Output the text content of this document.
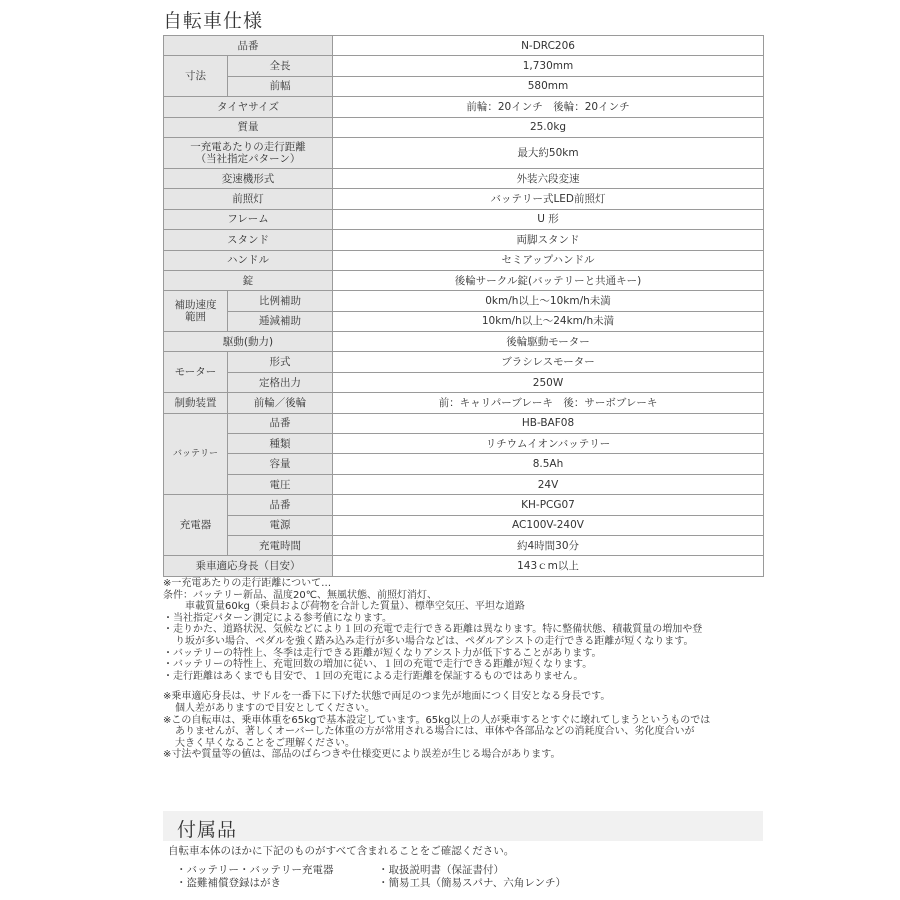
自転車仕様
品番		N-DRC206
寸法	全長	1,730mm
	前幅	580mm
タイヤサイズ		前輪：20インチ　後輪：20インチ
質量		25.0kg

一充電あたりの走行距離
（当社指定パターン）		最大約50km
変速機形式		外装六段変速
前照灯		バッテリー式LED前照灯
フレーム		U 形
スタンド		両脚スタンド
ハンドル		セミアップハンドル
錠		後輪サークル錠(バッテリーと共通キー)

補助速度
範囲	比例補助	0km/h以上～10km/h未満
	逓減補助	10km/h以上～24km/h未満
駆動(動力)		後輪駆動モーター
モーター	形式	ブラシレスモーター
	定格出力	250W
制動装置	前輪／後輪	前：キャリパーブレーキ　後：サーボブレーキ
バッテリー	品番	HB-BAF08
	種類	リチウムイオンバッテリー
	容量	8.5Ah
	電圧	24V
充電器	品番	KH-PCG07
	電源	AC100V-240V
	充電時間	約4時間30分
乗車適応身長（目安）		143ｃm以上
※一充電あたりの走行距離について…
条件：バッテリー新品、温度20℃、無風状態、前照灯消灯、
車載質量60kg（乗員および荷物を合計した質量）、標準空気圧、平坦な道路
・当社指定パターン測定による参考値になります。
・走りかた、道路状況、気候などにより１回の充電で走行できる距離は異なります。特に整備状態、積載質量の増加や登
り坂が多い場合、ペダルを強く踏み込み走行が多い場合などは、ペダルアシストの走行できる距離が短くなります。
・バッテリーの特性上、冬季は走行できる距離が短くなりアシスト力が低下することがあります。
・バッテリーの特性上、充電回数の増加に従い、１回の充電で走行できる距離が短くなります。
・走行距離はあくまでも目安で、１回の充電による走行距離を保証するものではありません。
※乗車適応身長は、サドルを一番下に下げた状態で両足のつま先が地面につく目安となる身長です。
個人差がありますので目安としてください。
※この自転車は、乗車体重を65kgで基本設定しています。65kg以上の人が乗車するとすぐに壊れてしまうというものでは
ありませんが、著しくオーバーした体重の方が常用される場合には、車体や各部品などの消耗度合い、劣化度合いが
大きく早くなることをご理解ください。
※寸法や質量等の値は、部品のばらつきや仕様変更により誤差が生じる場合があります。
付属品
自転車本体のほかに下記のものがすべて含まれることをご確認ください。
・バッテリー・バッテリー充電器	・取扱説明書（保証書付）
・盗難補償登録はがき	・簡易工具（簡易スパナ、六角レンチ）
